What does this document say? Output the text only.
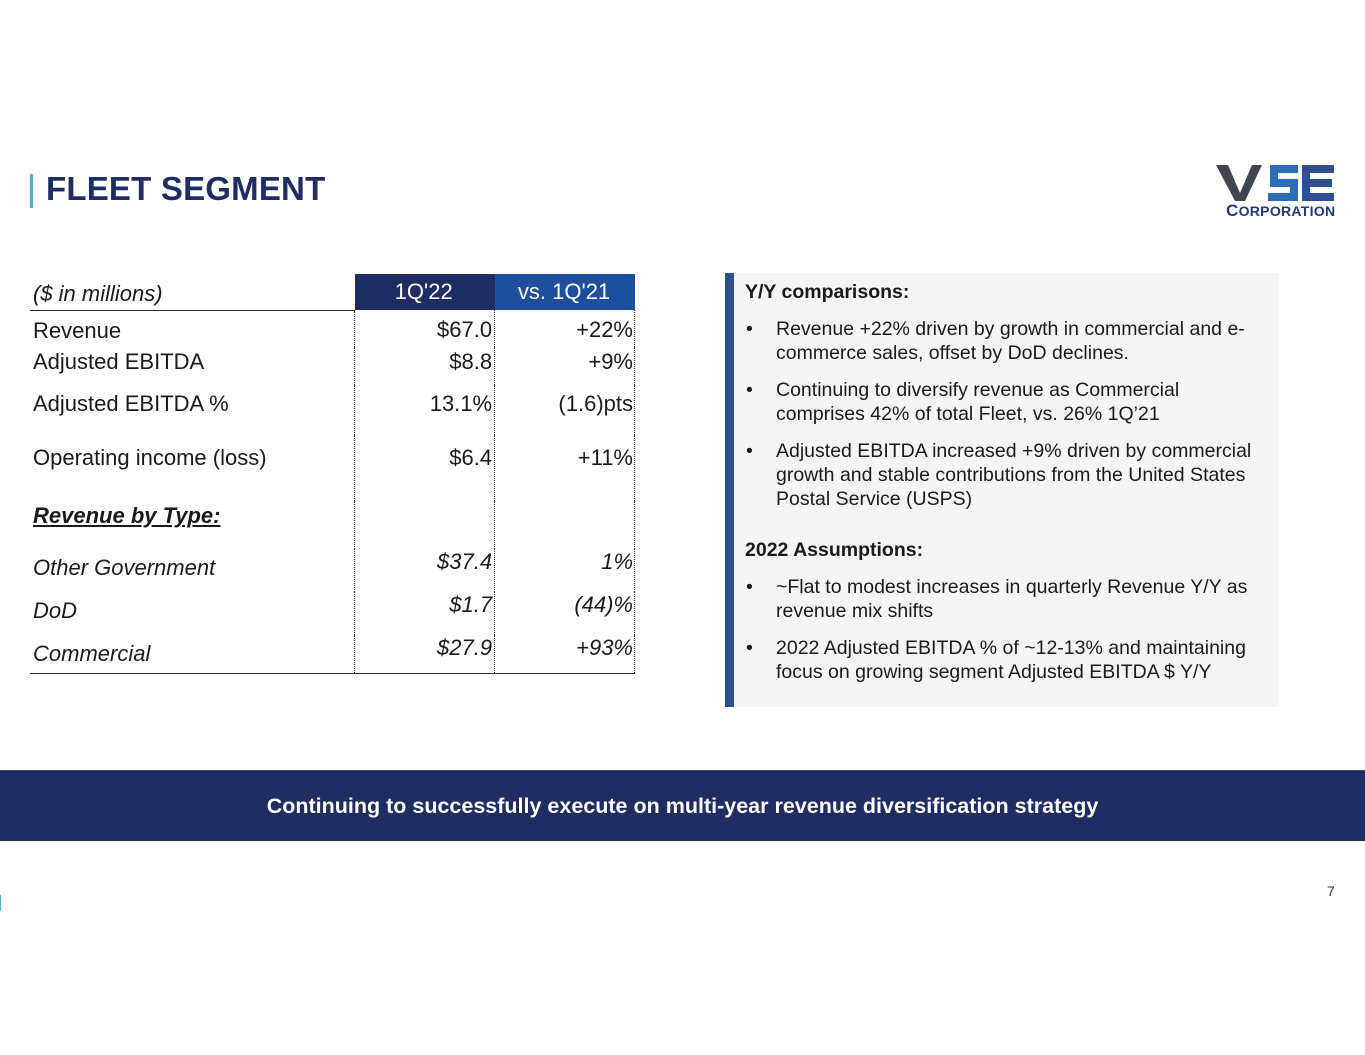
FLEET SEGMENT
CORPORATION
($ in millions)	1Q'22	vs. 1Q'21
Revenue	$67.0	+22%
Adjusted EBITDA	$8.8	+9%
Adjusted EBITDA %	13.1%	(1.6)pts
Operating income (loss)	$6.4	+11%
Revenue by Type:		
Other Government	$37.4	1%
DoD	$1.7	(44)%
Commercial	$27.9	+93%
Y/Y comparisons:
• Revenue +22% driven by growth in commercial and e-commerce sales, offset by DoD declines.
• Continuing to diversify revenue as Commercial comprises 42% of total Fleet, vs. 26% 1Q’21
• Adjusted EBITDA increased +9% driven by commercial growth and stable contributions from the United States Postal Service (USPS)
2022 Assumptions:
• ~Flat to modest increases in quarterly Revenue Y/Y as revenue mix shifts
• 2022 Adjusted EBITDA % of ~12-13% and maintaining focus on growing segment Adjusted EBITDA $ Y/Y
Continuing to successfully execute on multi-year revenue diversification strategy
7
